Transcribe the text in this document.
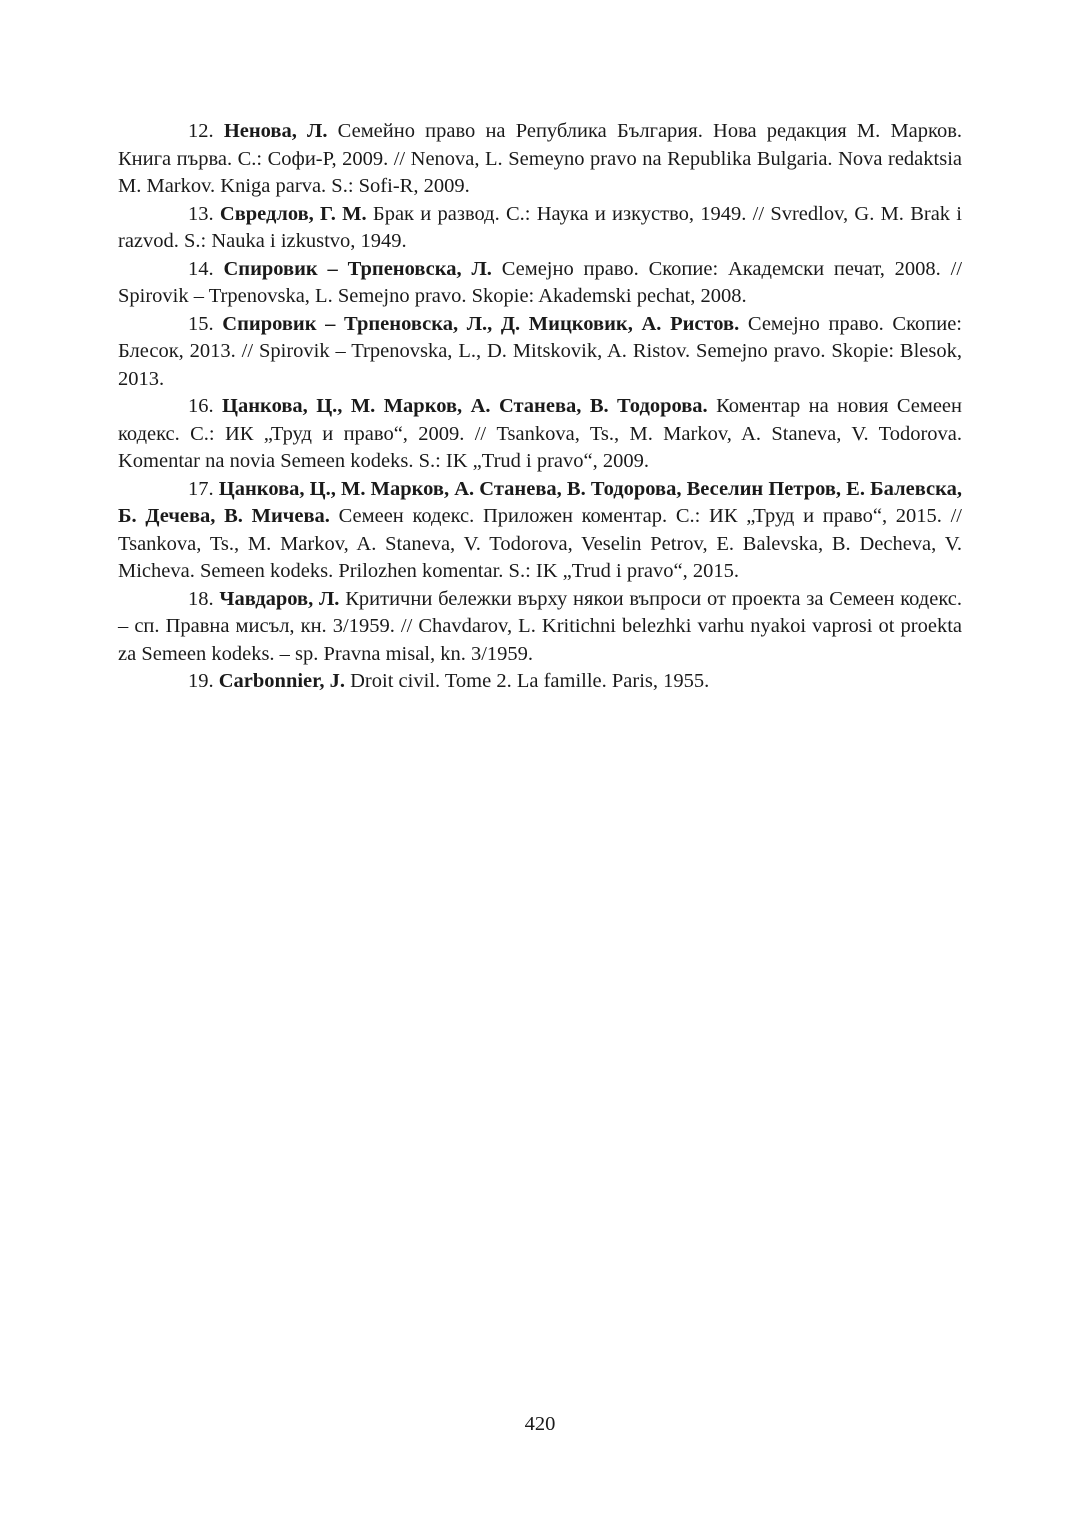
12. Ненова, Л. Семейно право на Република България. Нова редакция М. Марков. Книга първа. С.: Софи-Р, 2009. // Nenova, L. Semeyno pravo na Republika Bulgaria. Nova redaktsia M. Markov. Kniga parva. S.: Sofi-R, 2009.

13. Свредлов, Г. М. Брак и развод. С.: Наука и изкуство, 1949. // Svredlov, G. M. Brak i razvod. S.: Nauka i izkustvo, 1949.

14. Спировик – Трпеновска, Л. Семејно право. Скопие: Академски печат, 2008. // Spirovik – Trpenovska, L. Semejno pravo. Skopie: Akademski pechat, 2008.

15. Спировик – Трпеновска, Л., Д. Мицковик, А. Ристов. Семејно право. Скопие: Блесок, 2013. // Spirovik – Trpenovska, L., D. Mitskovik, A. Ristov. Semejno pravo. Skopie: Blesok, 2013.

16. Цанкова, Ц., М. Марков, А. Станева, В. Тодорова. Коментар на новия Семеен кодекс. С.: ИК „Труд и право“, 2009. // Tsankova, Ts., M. Markov, A. Staneva, V. Todorova. Komentar na novia Semeen kodeks. S.: IK „Trud i pravo“, 2009.

17. Цанкова, Ц., М. Марков, А. Станева, В. Тодорова, Веселин Петров, Е. Балевска, Б. Дечева, В. Мичева. Семеен кодекс. Приложен коментар. С.: ИК „Труд и право“, 2015. // Tsankova, Ts., M. Markov, A. Staneva, V. Todorova, Veselin Petrov, E. Balevska, B. Decheva, V. Micheva. Semeen kodeks. Prilozhen komentar. S.: IK „Trud i pravo“, 2015.

18. Чавдаров, Л. Критични бележки върху някои въпроси от проекта за Семеен кодекс. – сп. Правна мисъл, кн. 3/1959. // Chavdarov, L. Kritichni belezhki varhu nyakoi vaprosi ot proekta za Semeen kodeks. – sp. Pravna misal, kn. 3/1959.

19. Carbonnier, J. Droit civil. Tome 2. La famille. Paris, 1955.

420
